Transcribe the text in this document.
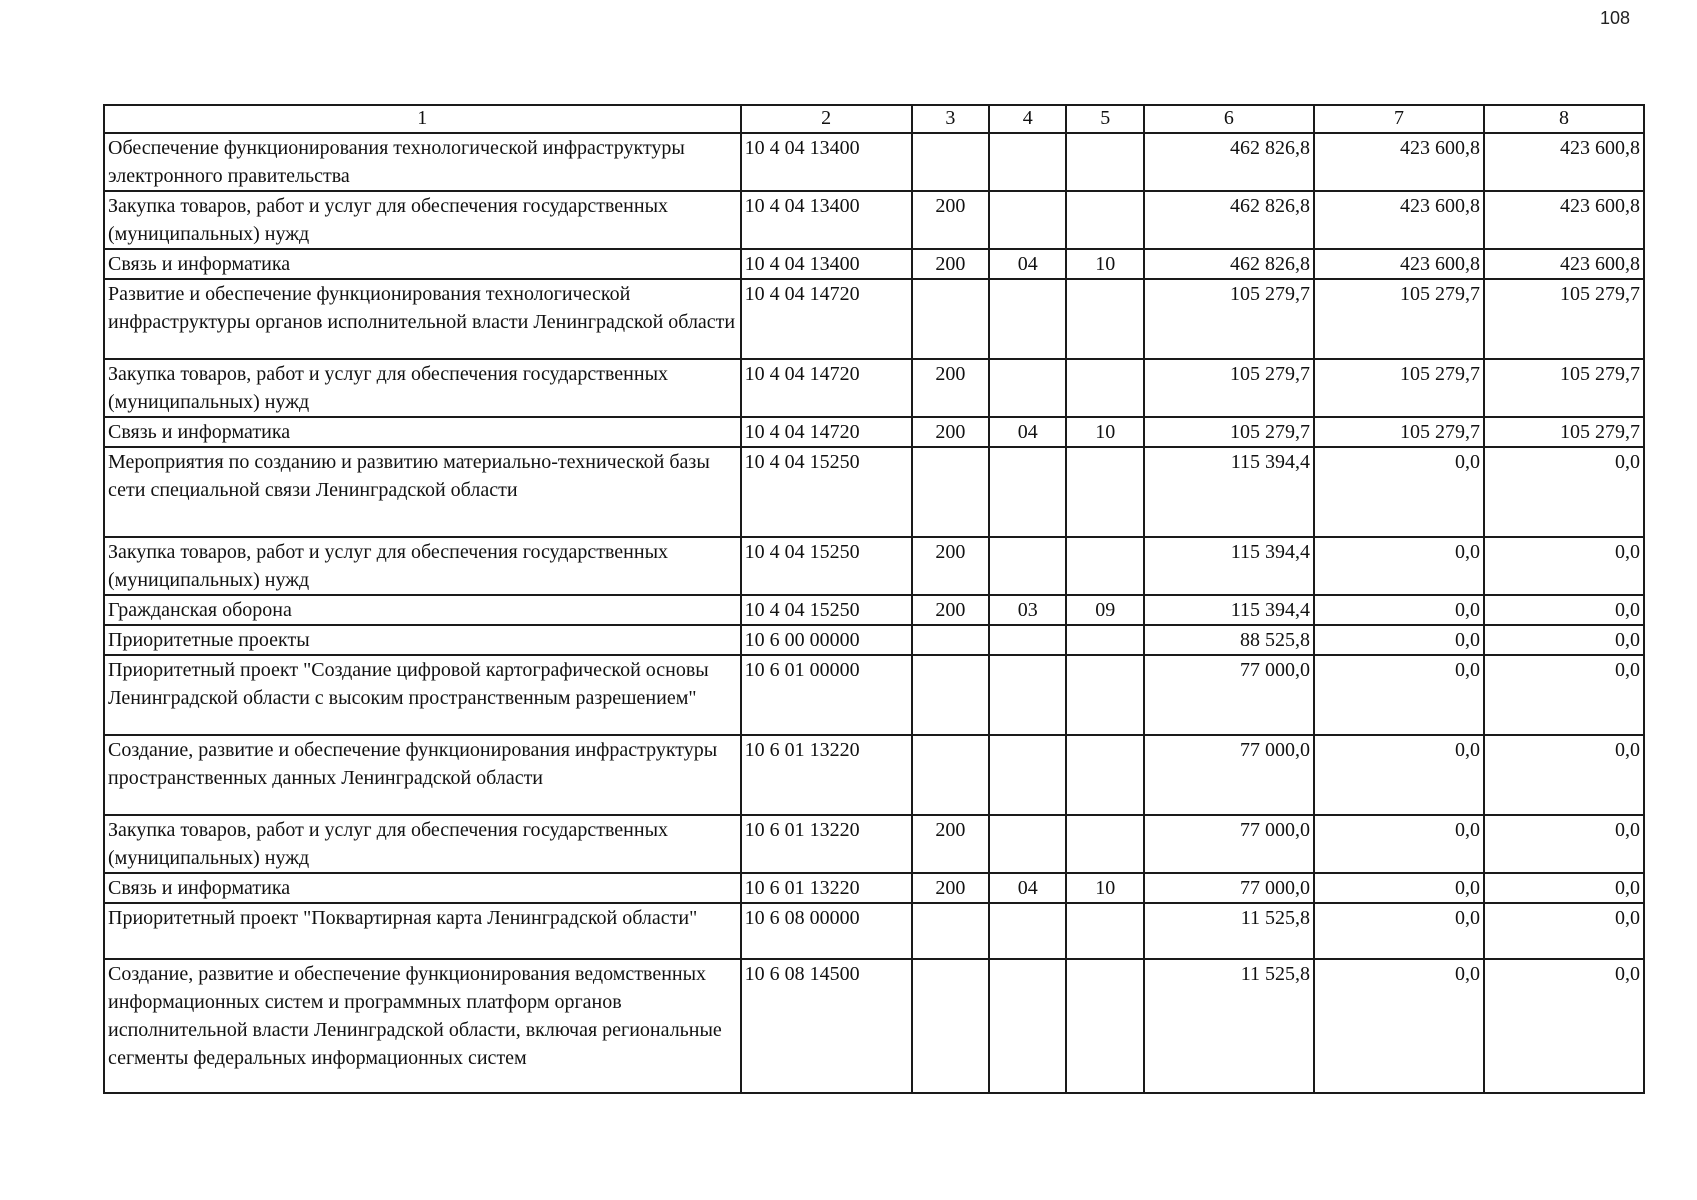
108
1	2	3	4	5	6	7	8
Обеспечение функционирования технологической инфраструктуры электронного правительства	10 4 04 13400				462 826,8	423 600,8	423 600,8
Закупка товаров, работ и услуг для обеспечения государственных (муниципальных) нужд	10 4 04 13400	200			462 826,8	423 600,8	423 600,8
Связь и информатика	10 4 04 13400	200	04	10	462 826,8	423 600,8	423 600,8
Развитие и обеспечение функционирования технологической инфраструктуры органов исполнительной власти Ленинградской области	10 4 04 14720				105 279,7	105 279,7	105 279,7
Закупка товаров, работ и услуг для обеспечения государственных (муниципальных) нужд	10 4 04 14720	200			105 279,7	105 279,7	105 279,7
Связь и информатика	10 4 04 14720	200	04	10	105 279,7	105 279,7	105 279,7
Мероприятия по созданию и развитию материально-технической базы сети специальной связи Ленинградской области	10 4 04 15250				115 394,4	0,0	0,0
Закупка товаров, работ и услуг для обеспечения государственных (муниципальных) нужд	10 4 04 15250	200			115 394,4	0,0	0,0
Гражданская оборона	10 4 04 15250	200	03	09	115 394,4	0,0	0,0
Приоритетные проекты	10 6 00 00000				88 525,8	0,0	0,0
Приоритетный проект "Создание цифровой картографической основы Ленинградской области с высоким пространственным разрешением"	10 6 01 00000				77 000,0	0,0	0,0
Создание, развитие и обеспечение функционирования инфраструктуры пространственных данных Ленинградской области	10 6 01 13220				77 000,0	0,0	0,0
Закупка товаров, работ и услуг для обеспечения государственных (муниципальных) нужд	10 6 01 13220	200			77 000,0	0,0	0,0
Связь и информатика	10 6 01 13220	200	04	10	77 000,0	0,0	0,0
Приоритетный проект "Поквартирная карта Ленинградской области"	10 6 08 00000				11 525,8	0,0	0,0
Создание, развитие и обеспечение функционирования ведомственных информационных систем и программных платформ органов исполнительной власти Ленинградской области, включая региональные сегменты федеральных информационных систем	10 6 08 14500				11 525,8	0,0	0,0
